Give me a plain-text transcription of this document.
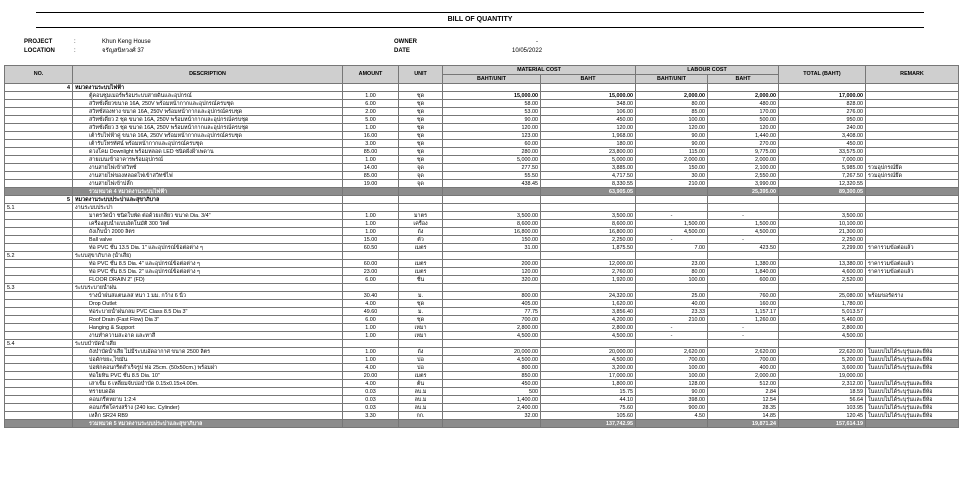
BILL OF QUANTITY
PROJECT	:	Khun Keng House
LOCATION	:	จรัญสนิทวงศ์ 37
OWNER	-
DATE	10/05/2022
NO.	DESCRIPTION	AMOUNT	UNIT	MATERIAL COST		LABOUR COST		TOTAL (BAHT)	REMARK
				BAHT/UNIT	BAHT	BAHT/UNIT	BAHT		
4	หมวดงานระบบไฟฟ้า								
	ตู้คอนซูมเมอร์พร้อมระบบสายดินและอุปกรณ์	1.00	ชุด	15,000.00	15,000.00	2,000.00	2,000.00	17,000.00	
	สวิทช์เดี่ยวขนาด 16A, 250V พร้อมหน้ากากและอุปกรณ์ครบชุด	6.00	ชุด	58.00	348.00	80.00	480.00	828.00	
	สวิทช์สองทาง ขนาด 16A, 250V พร้อมหน้ากากและอุปกรณ์ครบชุด	2.00	ชุด	53.00	106.00	85.00	170.00	276.00	
	สวิทช์เดี่ยว 2 ชุด ขนาด 16A, 250V พร้อมหน้ากากและอุปกรณ์ครบชุด	5.00	ชุด	90.00	450.00	100.00	500.00	950.00	
	สวิทช์เดี่ยว 3 ชุด ขนาด 16A, 250V พร้อมหน้ากากและอุปกรณ์ครบชุด	1.00	ชุด	120.00	120.00	120.00	120.00	240.00	
	เต้ารับไฟฟ้าคู่ ขนาด 16A, 250V พร้อมหน้ากากและอุปกรณ์ครบชุด	16.00	ชุด	123.00	1,968.00	90.00	1,440.00	3,408.00	
	เต้ารับโทรทัศน์ พร้อมหน้ากากและอุปกรณ์ครบชุด	3.00	ชุด	60.00	180.00	90.00	270.00	450.00	
	ดวงโคม Downlight พร้อมหลอด LED ชนิดฝังฝ้าเพดาน	85.00	ชุด	280.00	23,800.00	115.00	9,775.00	33,575.00	
	สายเมนเข้าอาคารพร้อมอุปกรณ์	1.00	ชุด	5,000.00	5,000.00	2,000.00	2,000.00	7,000.00	
	งานสายไฟเข้าสวิทช์	14.00	จุด	277.50	3,885.00	150.00	2,100.00	5,985.00	รวมอุปกรณ์ยึด
	งานสายไฟของหลอดไฟเข้าสวิทช์ไฟ	85.00	จุด	55.50	4,717.50	30.00	2,550.00	7,267.50	รวมอุปกรณ์ยึด
	งานสายไฟเข้าปลั๊ก	19.00	จุด	438.45	8,330.55	210.00	3,990.00	12,320.55	
	รวมหมวด 4 หมวดงานระบบไฟฟ้า				63,905.05		25,395.00	89,300.05	
5	หมวดงานระบบประปาและสุขาภิบาล								
5.1	งานระบบประปา								
	มาตรวัดน้ำ ชนิดใบพัด ต่อด้วยเกลียว ขนาด Dia. 3/4"	1.00	มาตร	3,500.00	3,500.00	-	-	3,500.00	
	เครื่องสูบน้ำแบบอัตโนมัติ 300 วัตต์	1.00	เครื่อง	8,600.00	8,600.00	1,500.00	1,500.00	10,100.00	
	ถังเก็บน้ำ 2000 ลิตร	1.00	ถัง	16,800.00	16,800.00	4,500.00	4,500.00	21,300.00	
	Ball valve	15.00	ตัว	150.00	2,250.00	-	-	2,250.00	
	ท่อ PVC ชั้น 13.5 Dia. 1" และอุปกรณ์ข้อต่อต่าง ๆ	60.50	เมตร	31.00	1,875.50	7.00	423.50	2,299.00	ราคารวมข้อต่อแล้ว
5.2	ระบบสุขาภิบาล (น้ำเสีย)								
	ท่อ PVC ชั้น 8.5 Dia. 4" และอุปกรณ์ข้อต่อต่าง ๆ	60.00	เมตร	200.00	12,000.00	23.00	1,380.00	13,380.00	ราคารวมข้อต่อแล้ว
	ท่อ PVC ชั้น 8.5 Dia. 2" และอุปกรณ์ข้อต่อต่าง ๆ	23.00	เมตร	120.00	2,760.00	80.00	1,840.00	4,600.00	ราคารวมข้อต่อแล้ว
	FLOOR DRAIN 2" (FD)	6.00	ชิ้น	320.00	1,920.00	100.00	600.00	2,520.00	
5.3	ระบบระบายน้ำฝน								
	รางน้ำฝนสแตนเลส หนา 1 มม. กว้าง 6 นิ้ว	30.40	ม.	800.00	24,320.00	25.00	760.00	25,080.00	พร้อมขอรัดราง
	Drop Outlet	4.00	ชุด	405.00	1,620.00	40.00	160.00	1,780.00	
	ท่อระบายน้ำฝนกลม PVC Class 8.5 Dia 3"	49.60	ม.	77.75	3,856.40	23.33	1,157.17	5,013.57	
	Roof Drain (Fast Flow) Dia 3"	6.00	ชุด	700.00	4,200.00	210.00	1,260.00	5,460.00	
	Hanging & Support	1.00	เหมา	2,800.00	2,800.00	-	-	2,800.00	
	งานทำความสะอาด และทาสี	1.00	เหมา	4,500.00	4,500.00	-	-	4,500.00	
5.4	ระบบบำบัดน้ำเสีย								
	ถังบำบัดน้ำเสีย ไม่มีระบบอัดอากาศ ขนาด 2500 ลิตร	1.00	ถัง	20,000.00	20,000.00	2,620.00	2,620.00	22,620.00	ในแบบไม่ได้ระบุรุ่นและยี่ห้อ
	บ่อดักขยะ,ไขมัน	1.00	บ่อ	4,500.00	4,500.00	700.00	700.00	5,200.00	ในแบบไม่ได้ระบุรุ่นและยี่ห้อ
	บ่อพักคอนกรีตสำเร็จรูป ท่อ 25cm. (50x50cm.) พร้อมฝา	4.00	บ่อ	800.00	3,200.00	100.00	400.00	3,600.00	ในแบบไม่ได้ระบุรุ่นและยี่ห้อ
	ท่อใยหิน PVC ชั้น 8.5 Dia. 10"	20.00	เมตร	850.00	17,000.00	100.00	2,000.00	19,000.00	
	เสาเข็ม 6 เหลี่ยมจับบ่อบำบัด 0.15x0.15x4.00m.	4.00	ต้น	450.00	1,800.00	128.00	512.00	2,312.00	ในแบบไม่ได้ระบุรุ่นและยี่ห้อ
	ทรายบดอัด	0.03	ลบ.ม	500	15.75	90.00	2.84	18.59	ในแบบไม่ได้ระบุรุ่นและยี่ห้อ
	คอนกรีตหยาบ 1:2:4	0.03	ลบ.ม	1,400.00	44.10	398.00	12.54	56.64	ในแบบไม่ได้ระบุรุ่นและยี่ห้อ
	คอนกรีตโครงสร้าง (240 ksc. Cylinder)	0.03	ลบ.ม	2,400.00	75.60	900.00	28.35	103.95	ในแบบไม่ได้ระบุรุ่นและยี่ห้อ
	เหล็ก SR24 RB9	3.30	กก.	32.00	105.60	4.50	14.85	120.45	ในแบบไม่ได้ระบุรุ่นและยี่ห้อ
	รวมหมวด 5 หมวดงานระบบประปาและสุขาภิบาล				137,742.95		19,871.24	157,614.19	
